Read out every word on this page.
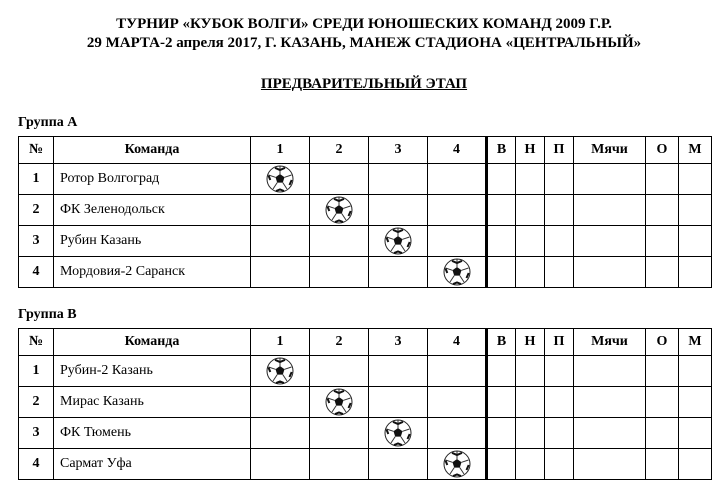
ТУРНИР «КУБОК ВОЛГИ» СРЕДИ ЮНОШЕСКИХ КОМАНД 2009 Г.Р.
29 МАРТА-2 апреля 2017, Г. КАЗАНЬ, МАНЕЖ СТАДИОНА «ЦЕНТРАЛЬНЫЙ»
ПРЕДВАРИТЕЛЬНЫЙ ЭТАП
Группа А
№	Команда	1	2	3	4	В	Н	П	Мячи	О	М
1	Ротор Волгоград	

2	ФК Зеленодольск		

3	Рубин Казань			

4	Мордовия-2 Саранск				

Группа В
№	Команда	1	2	3	4	В	Н	П	Мячи	О	М
1	Рубин-2 Казань	

2	Мирас Казань		

3	ФК Тюмень			

4	Сармат Уфа				
